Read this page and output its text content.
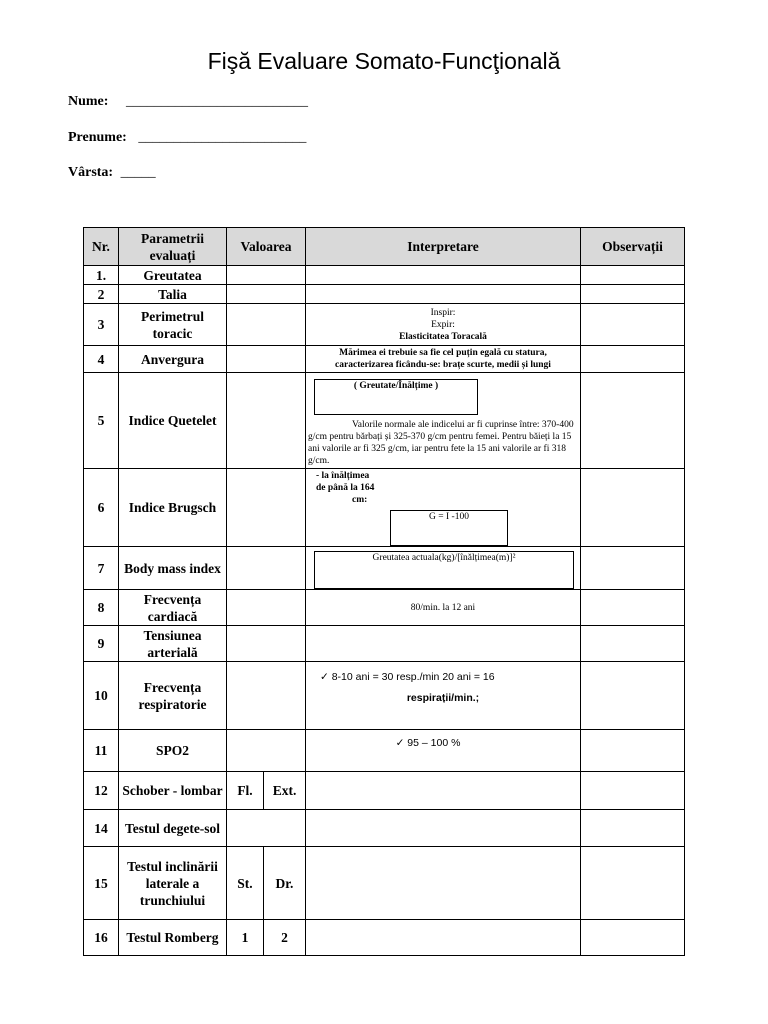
Fişă Evaluare Somato-Funcţională
Nume: __________________________
Prenume: ________________________
Vârsta: _____
Nr.	Parametrii evaluați	Valoarea		Interpretare	Observații
1.	Greutatea				
2	Talia				
3	Perimetrul toracic			Inspir:
Expir:
Elasticitatea Toracală	

4	Anvergura			Mărimea ei trebuie sa fie cel puțin egală cu statura,
caracterizarea ficându-se: brațe scurte, medii și lungi	

5	Indice Quetelet			( Greutate/Înălțime )
Valorile normale ale indicelui ar fi cuprinse între: 370-400 g/cm pentru bărbați și 325-370 g/cm pentru femei. Pentru băieți la 15 ani valorile ar fi 325 g/cm, iar pentru fete la 15 ani valorile ar fi 318 g/cm.	

6	Indice Brugsch			- la înălțimea
de până la 164
cm:
G = I -100	
7	Body mass index			Greutatea actuala(kg)/[înălțimea(m)]²	
8	Frecvența cardiacă			80/min. la 12 ani	
9	Tensiunea arterială				
10	Frecvența respiratorie			✓ 8-10 ani = 30 resp./min 20 ani = 16
respirații/min.;	

11	SPO2			✓ 95 – 100 %	

12	Schober - lombar	Fl.	Ext.		
14	Testul degete-sol				
15	Testul inclinării laterale a trunchiului	St.	Dr.		
16	Testul Romberg	1	2		
